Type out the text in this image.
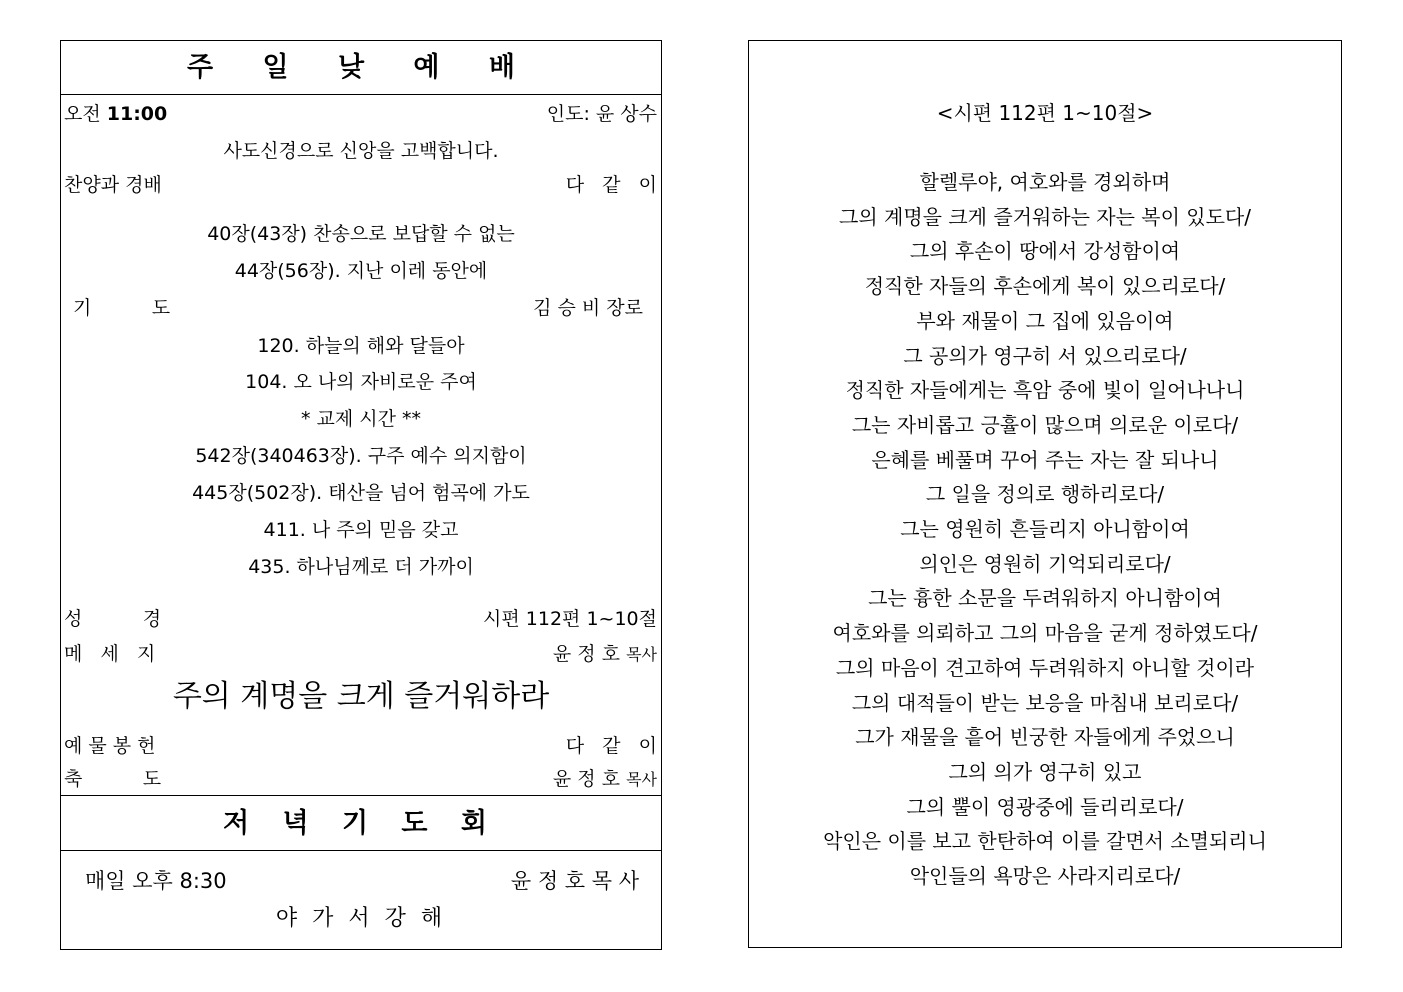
주 일 낮 예 배
오전 11:00	인도: 윤 상수
사도신경으로 신앙을 고백합니다.
찬양과 경배	다   같   이
40장(43장) 찬송으로 보답할 수 없는
44장(56장). 지난 이레 동안에
기          도	김 승 비 장로
120. 하늘의 해와 달들아
104. 오 나의 자비로운 주여
* 교제 시간 **
542장(340463장). 구주 예수 의지함이
445장(502장). 태산을 넘어 험곡에 가도
411. 나 주의 믿음 갖고
435. 하나님께로 더 가까이
성          경	시편 112편 1~10절
메   세   지	윤 정 호 목사
주의 계명을 크게 즐거워하라
예 물 봉 헌	다   같   이
축          도	윤 정 호 목사
저 녁 기 도 회
매일 오후 8:30	윤 정 호 목 사
야 가 서 강 해
<시편 112편 1~10절>
할렐루야, 여호와를 경외하며
그의 계명을 크게 즐거워하는 자는 복이 있도다/
그의 후손이 땅에서 강성함이여
정직한 자들의 후손에게 복이 있으리로다/
부와 재물이 그 집에 있음이여
그 공의가 영구히 서 있으리로다/
정직한 자들에게는 흑암 중에 빛이 일어나나니
그는 자비롭고 긍휼이 많으며 의로운 이로다/
은혜를 베풀며 꾸어 주는 자는 잘 되나니
그 일을 정의로 행하리로다/
그는 영원히 흔들리지 아니함이여
의인은 영원히 기억되리로다/
그는 흉한 소문을 두려워하지 아니함이여
여호와를 의뢰하고 그의 마음을 굳게 정하였도다/
그의 마음이 견고하여 두려워하지 아니할 것이라
그의 대적들이 받는 보응을 마침내 보리로다/
그가 재물을 흩어 빈궁한 자들에게 주었으니
그의 의가 영구히 있고
그의 뿔이 영광중에 들리리로다/
악인은 이를 보고 한탄하여 이를 갈면서 소멸되리니
악인들의 욕망은 사라지리로다/
